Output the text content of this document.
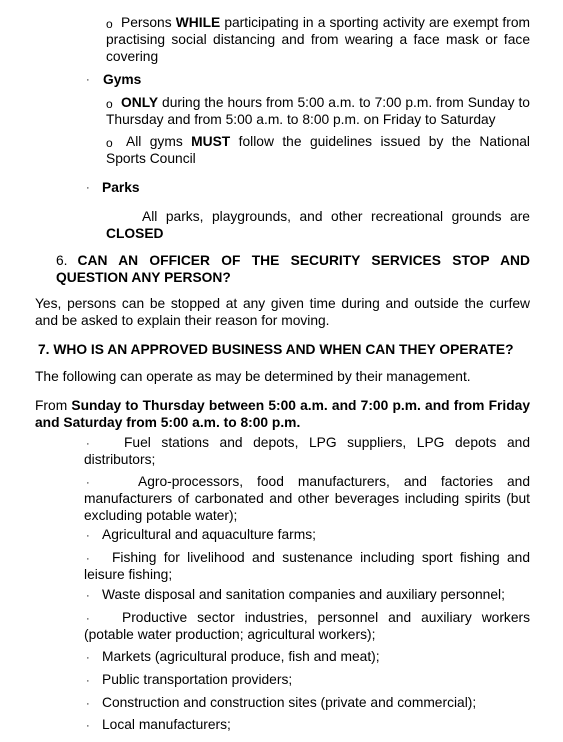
o Persons WHILE participating in a sporting activity are exempt from practising social distancing and from wearing a face mask or face covering

· Gyms

o ONLY during the hours from 5:00 a.m. to 7:00 p.m. from Sunday to Thursday and from 5:00 a.m. to 8:00 p.m. on Friday to Saturday

o All gyms MUST follow the guidelines issued by the National Sports Council

· Parks

All parks, playgrounds, and other recreational grounds are CLOSED

6. CAN AN OFFICER OF THE SECURITY SERVICES STOP AND QUESTION ANY PERSON?

Yes, persons can be stopped at any given time during and outside the curfew and be asked to explain their reason for moving.

7. WHO IS AN APPROVED BUSINESS AND WHEN CAN THEY OPERATE?

The following can operate as may be determined by their management.

From Sunday to Thursday between 5:00 a.m. and 7:00 p.m. and from Friday and Saturday from 5:00 a.m. to 8:00 p.m.

·	Fuel stations and depots, LPG suppliers, LPG depots and distributors;

·	Agro-processors, food manufacturers, and factories and manufacturers of carbonated and other beverages including spirits (but excluding potable water);

· Agricultural and aquaculture farms;

·	Fishing for livelihood and sustenance including sport fishing and leisure fishing;

· Waste disposal and sanitation companies and auxiliary personnel;

·	Productive sector industries, personnel and auxiliary workers (potable water production; agricultural workers);

· Markets (agricultural produce, fish and meat);

· Public transportation providers;

· Construction and construction sites (private and commercial);

· Local manufacturers;
